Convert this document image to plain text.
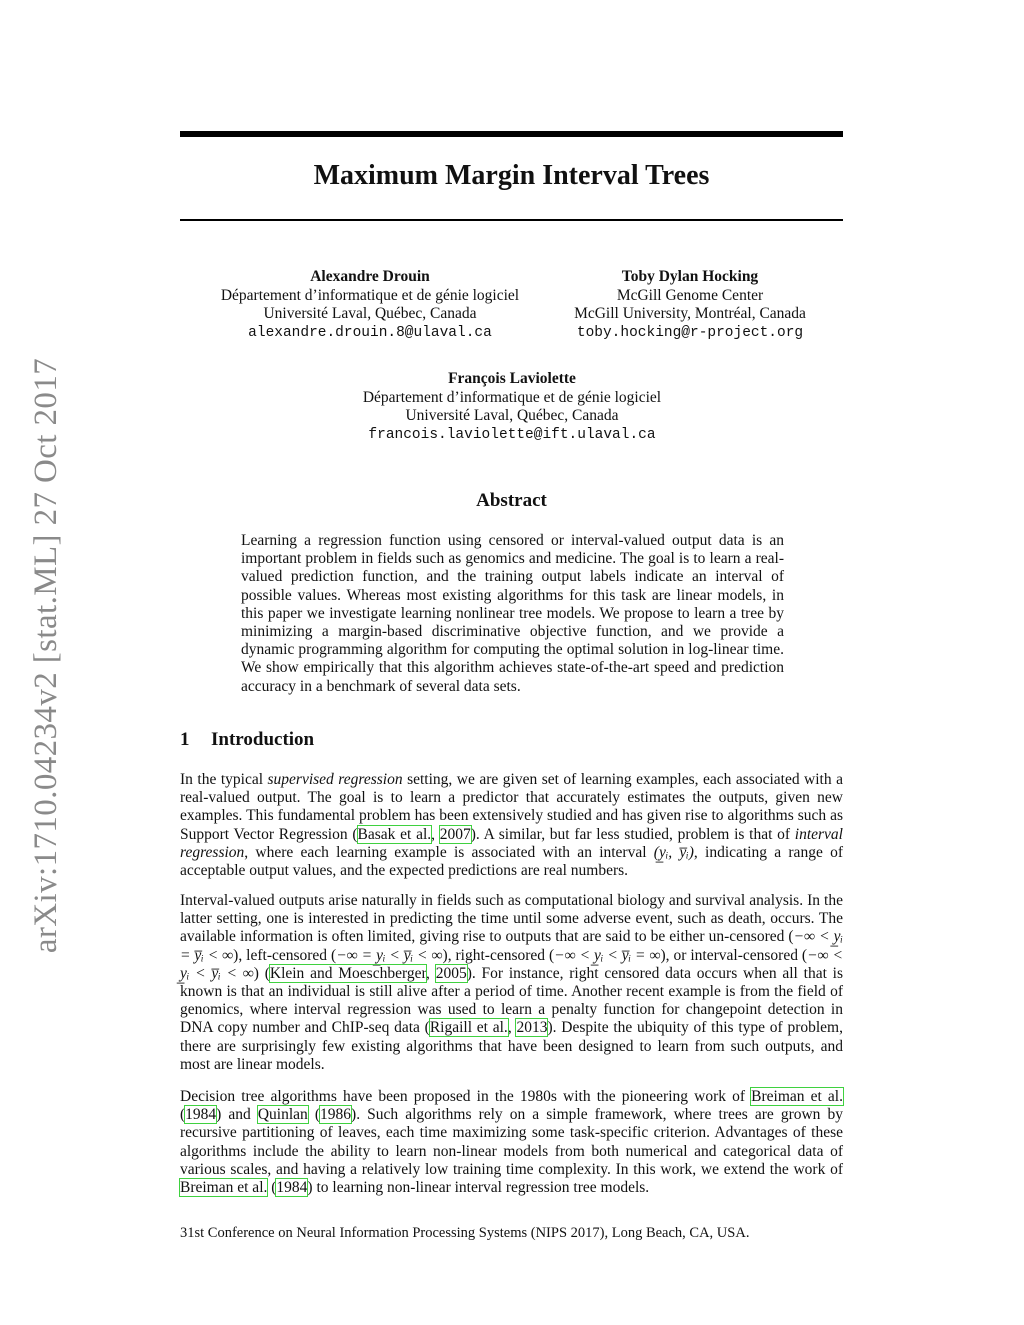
arXiv:1710.04234v2 [stat.ML] 27 Oct 2017
Maximum Margin Interval Trees
Alexandre Drouin
Département d’informatique et de génie logiciel
Université Laval, Québec, Canada
alexandre.drouin.8@ulaval.ca
Toby Dylan Hocking
McGill Genome Center
McGill University, Montréal, Canada
toby.hocking@r-project.org
François Laviolette
Département d’informatique et de génie logiciel
Université Laval, Québec, Canada
francois.laviolette@ift.ulaval.ca
Abstract

Learning a regression function using censored or interval-valued output data is an important problem in fields such as genomics and medicine. The goal is to learn a real-valued prediction function, and the training output labels indicate an interval of possible values. Whereas most existing algorithms for this task are linear models, in this paper we investigate learning nonlinear tree models. We propose to learn a tree by minimizing a margin-based discriminative objective function, and we provide a dynamic programming algorithm for computing the optimal solution in log-linear time. We show empirically that this algorithm achieves state-of-the-art speed and prediction accuracy in a benchmark of several data sets.

1 Introduction

In the typical supervised regression setting, we are given set of learning examples, each associated with a real-valued output. The goal is to learn a predictor that accurately estimates the outputs, given new examples. This fundamental problem has been extensively studied and has given rise to algorithms such as Support Vector Regression (Basak et al., 2007). A similar, but far less studied, problem is that of interval regression, where each learning example is associated with an interval (y̲ᵢ, y̅ᵢ), indicating a range of acceptable output values, and the expected predictions are real numbers.

Interval-valued outputs arise naturally in fields such as computational biology and survival analysis. In the latter setting, one is interested in predicting the time until some adverse event, such as death, occurs. The available information is often limited, giving rise to outputs that are said to be either un-censored (−∞ < y̲ᵢ = y̅ᵢ < ∞), left-censored (−∞ = y̲ᵢ < y̅ᵢ < ∞), right-censored (−∞ < y̲ᵢ < y̅ᵢ = ∞), or interval-censored (−∞ < y̲ᵢ < y̅ᵢ < ∞) (Klein and Moeschberger, 2005). For instance, right censored data occurs when all that is known is that an individual is still alive after a period of time. Another recent example is from the field of genomics, where interval regression was used to learn a penalty function for changepoint detection in DNA copy number and ChIP-seq data (Rigaill et al., 2013). Despite the ubiquity of this type of problem, there are surprisingly few existing algorithms that have been designed to learn from such outputs, and most are linear models.

Decision tree algorithms have been proposed in the 1980s with the pioneering work of Breiman et al. (1984) and Quinlan (1986). Such algorithms rely on a simple framework, where trees are grown by recursive partitioning of leaves, each time maximizing some task-specific criterion. Advantages of these algorithms include the ability to learn non-linear models from both numerical and categorical data of various scales, and having a relatively low training time complexity. In this work, we extend the work of Breiman et al. (1984) to learning non-linear interval regression tree models.

31st Conference on Neural Information Processing Systems (NIPS 2017), Long Beach, CA, USA.
